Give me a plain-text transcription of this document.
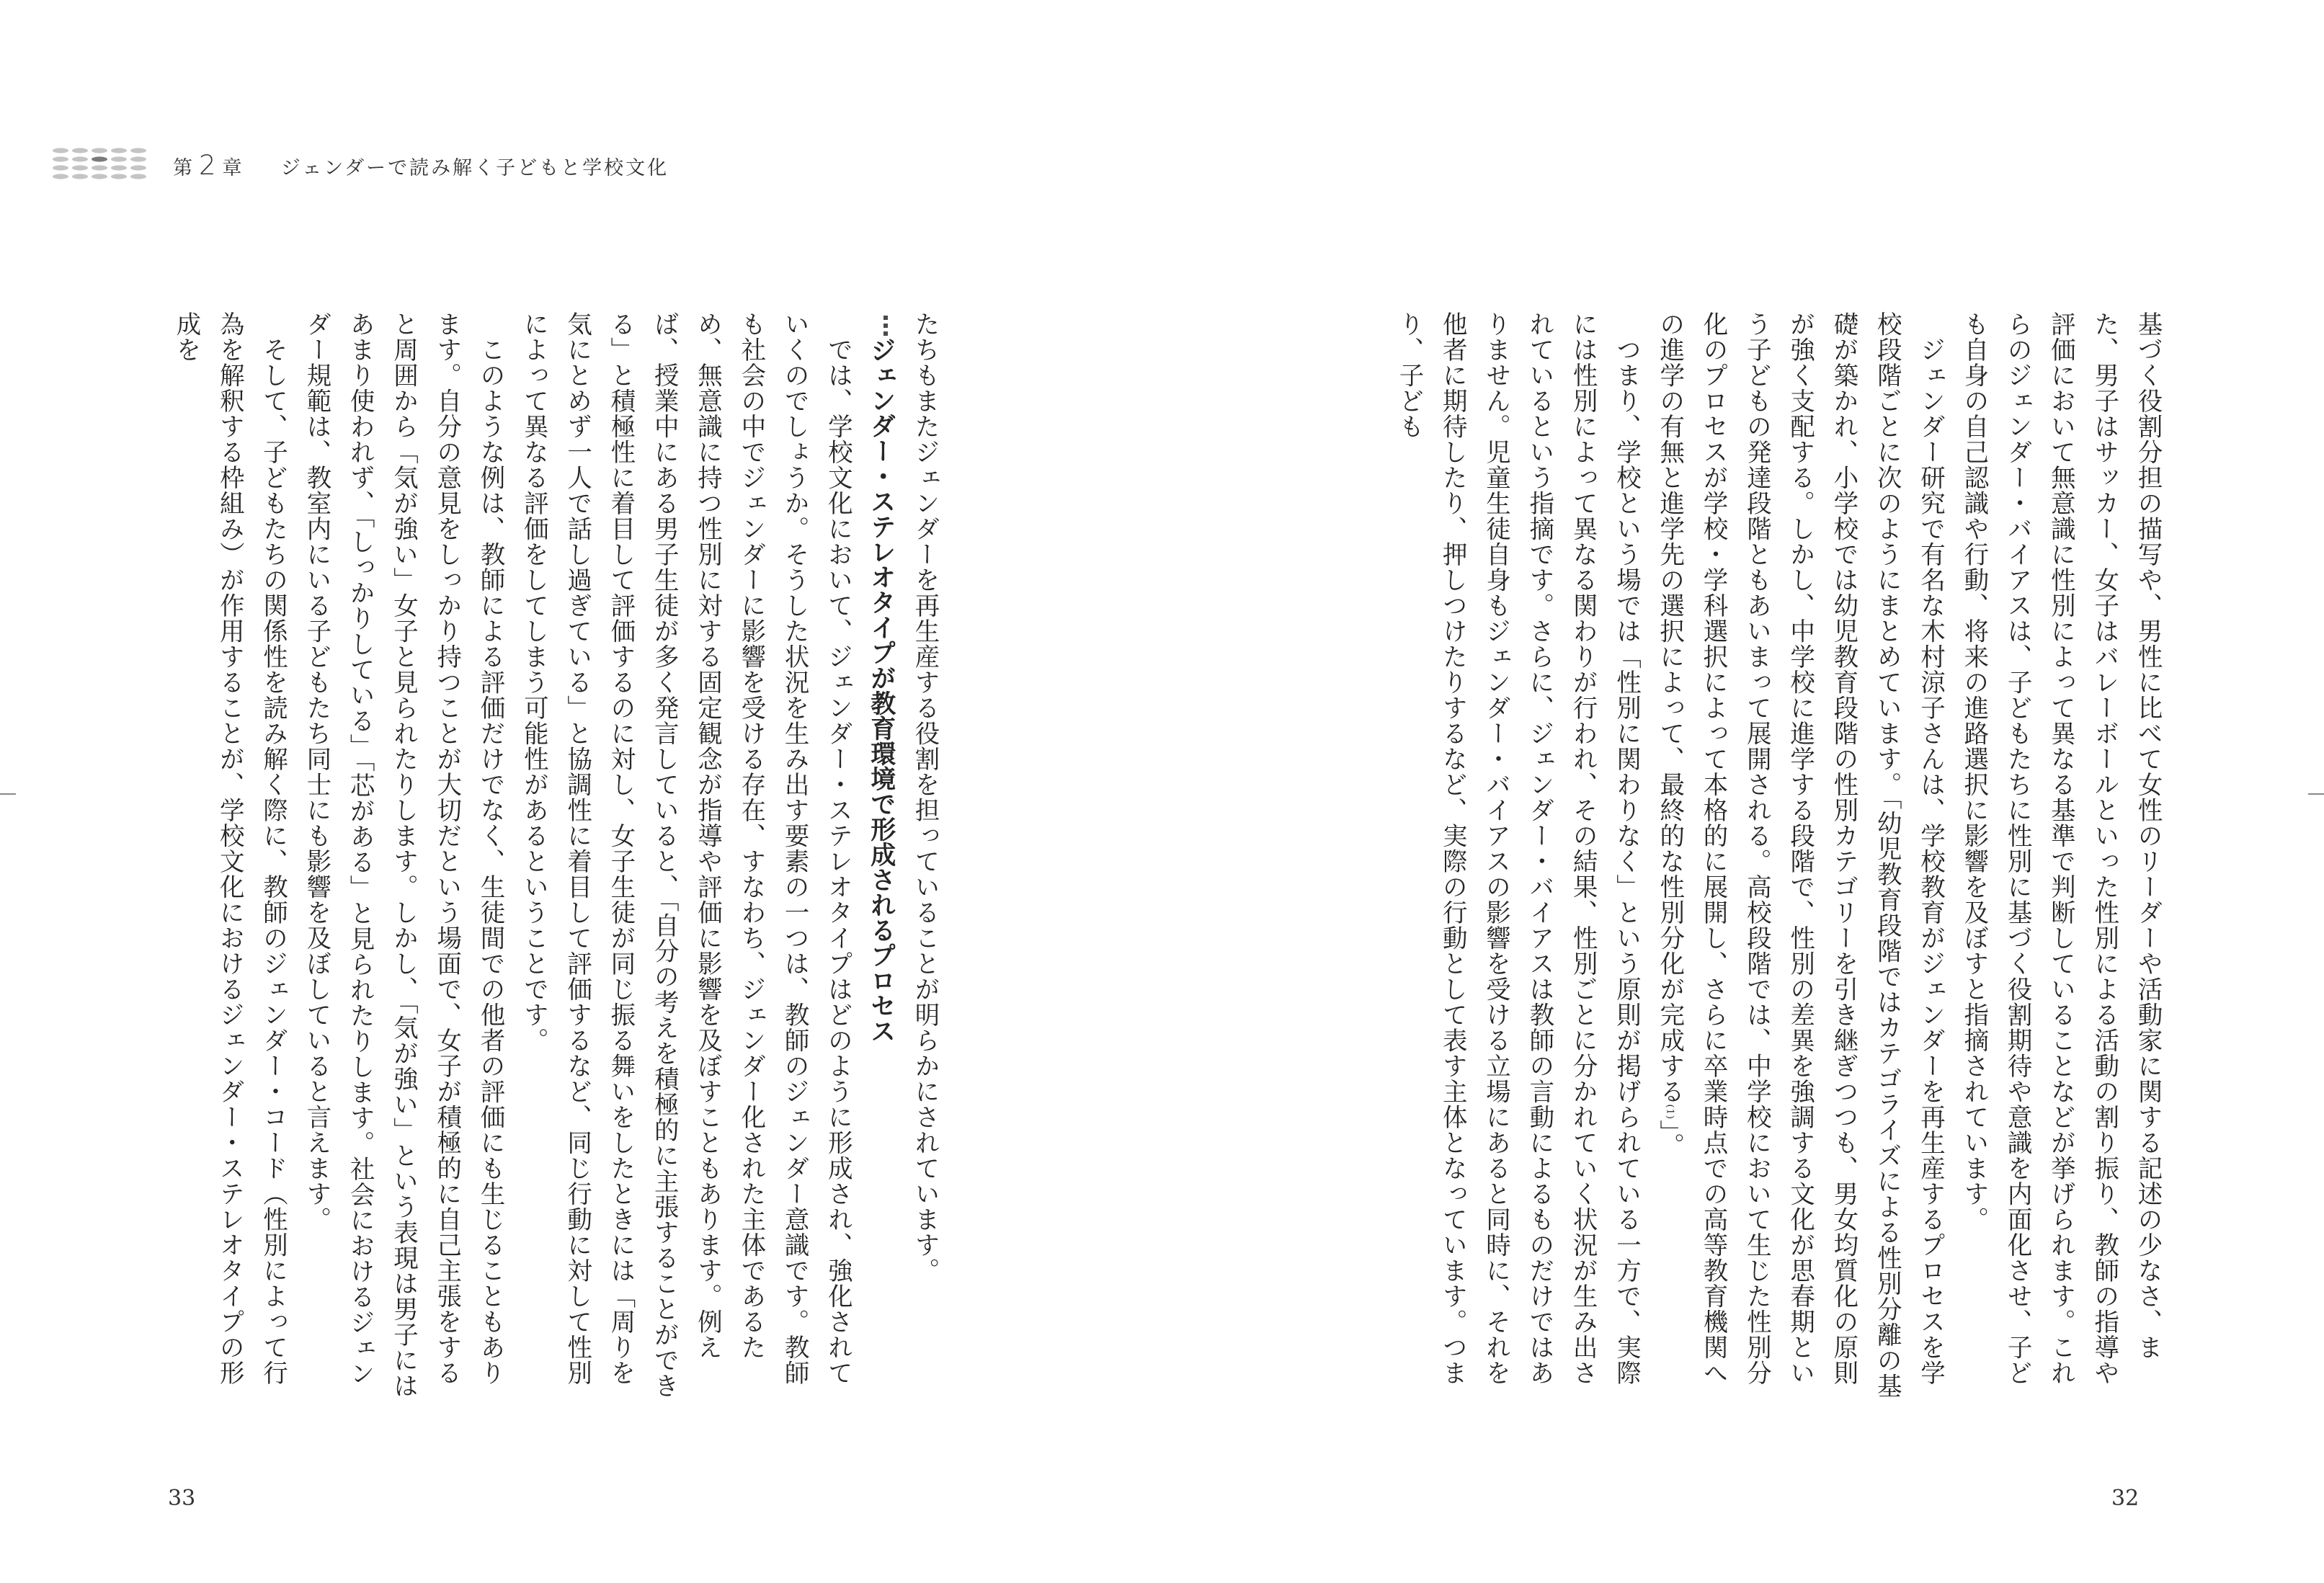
第 2 章 ジェンダーで読み解く子どもと学校文化

基づく役割分担の描写や、男性に比べて女性のリーダーや活動家に関する記述の少なさ、また、男子はサッカー、女子はバレーボールといった性別による活動の割り振り、教師の指導や評価において無意識に性別によって異なる基準で判断していることなどが挙げられます。これらのジェンダー・バイアスは、子どもたちに性別に基づく役割期待や意識を内面化させ、子ども自身の自己認識や行動、将来の進路選択に影響を及ぼすと指摘されています。

　ジェンダー研究で有名な木村涼子さんは、学校教育がジェンダーを再生産するプロセスを学校段階ごとに次のようにまとめています。「幼児教育段階ではカテゴライズによる性別分離の基礎が築かれ、小学校では幼児教育段階の性別カテゴリーを引き継ぎつつも、男女均質化の原則が強く支配する。しかし、中学校に進学する段階で、性別の差異を強調する文化が思春期という子どもの発達段階ともあいまって展開される。高校段階では、中学校において生じた性別分化のプロセスが学校・学科選択によって本格的に展開し、さらに卒業時点での高等教育機関への進学の有無と進学先の選択によって、最終的な性別分化が完成する(1)」。

　つまり、学校という場では「性別に関わりなく」という原則が掲げられている一方で、実際には性別によって異なる関わりが行われ、その結果、性別ごとに分かれていく状況が生み出されているという指摘です。さらに、ジェンダー・バイアスは教師の言動によるものだけではありません。児童生徒自身もジェンダー・バイアスの影響を受ける立場にあると同時に、それを他者に期待したり、押しつけたりするなど、実際の行動として表す主体となっています。つまり、子ども

たちもまたジェンダーを再生産する役割を担っていることが明らかにされています。

ジェンダー・ステレオタイプが教育環境で形成されるプロセス

　では、学校文化において、ジェンダー・ステレオタイプはどのように形成され、強化されていくのでしょうか。そうした状況を生み出す要素の一つは、教師のジェンダー意識です。教師も社会の中でジェンダーに影響を受ける存在、すなわち、ジェンダー化された主体であるため、無意識に持つ性別に対する固定観念が指導や評価に影響を及ぼすこともあります。例えば、授業中にある男子生徒が多く発言していると、「自分の考えを積極的に主張することができる」と積極性に着目して評価するのに対し、女子生徒が同じ振る舞いをしたときには「周りを気にとめず一人で話し過ぎている」と協調性に着目して評価するなど、同じ行動に対して性別によって異なる評価をしてしまう可能性があるということです。

　このような例は、教師による評価だけでなく、生徒間での他者の評価にも生じることもあります。自分の意見をしっかり持つことが大切だという場面で、女子が積極的に自己主張をすると周囲から「気が強い」女子と見られたりします。しかし、「気が強い」という表現は男子にはあまり使われず、「しっかりしている」「芯がある」と見られたりします。社会におけるジェンダー規範は、教室内にいる子どもたち同士にも影響を及ぼしていると言えます。

　そして、子どもたちの関係性を読み解く際に、教師のジェンダー・コード（性別によって行為を解釈する枠組み）が作用することが、学校文化におけるジェンダー・ステレオタイプの形成を

33	32
